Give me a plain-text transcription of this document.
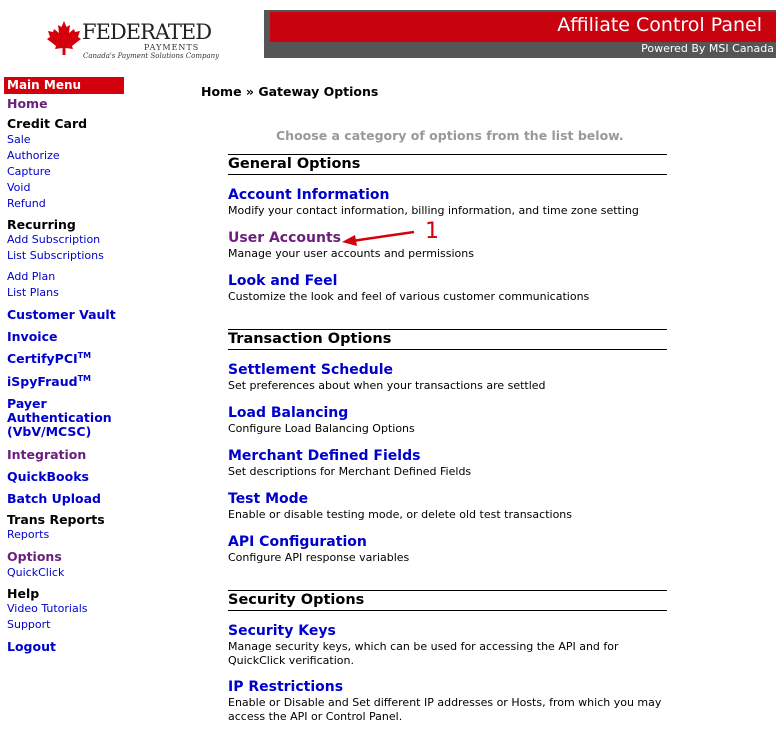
FEDERATED
PAYMENTS
Canada's Payment Solutions Company
Affiliate Control Panel
Powered By MSI Canada
Main Menu
Home
Credit Card
Sale
Authorize
Capture
Void
Refund
Recurring
Add Subscription
List Subscriptions
Add Plan
List Plans
Customer Vault
Invoice
CertifyPCI™
iSpyFraud™
Payer
Authentication
(VbV/MCSC)
Integration
QuickBooks
Batch Upload
Trans Reports
Reports
Options
QuickClick
Help
Video Tutorials
Support
Logout
Home » Gateway Options
Choose a category of options from the list below.
General Options
Account Information
Modify your contact information, billing information, and time zone setting
User Accounts
Manage your user accounts and permissions
Look and Feel
Customize the look and feel of various customer communications
1
Transaction Options
Settlement Schedule
Set preferences about when your transactions are settled
Load Balancing
Configure Load Balancing Options
Merchant Defined Fields
Set descriptions for Merchant Defined Fields
Test Mode
Enable or disable testing mode, or delete old test transactions
API Configuration
Configure API response variables
Security Options
Security Keys
Manage security keys, which can be used for accessing the API and for QuickClick verification.
IP Restrictions
Enable or Disable and Set different IP addresses or Hosts, from which you may access the API or Control Panel.
